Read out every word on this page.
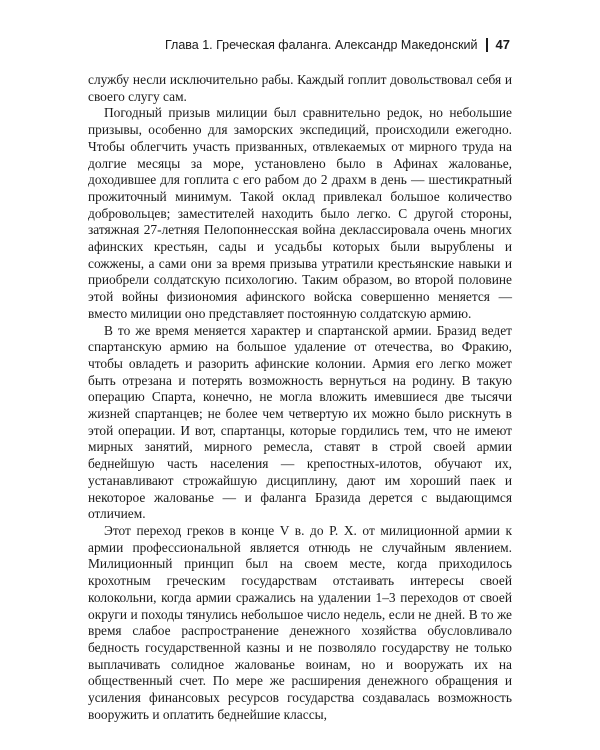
Глава 1. Греческая фаланга. Александр Македонский 47

службу несли исключительно рабы. Каждый гоплит довольствовал себя и своего слугу сам.

Погодный призыв милиции был сравнительно редок, но небольшие призывы, особенно для заморских экспедиций, происходили ежегодно. Чтобы облегчить участь призванных, отвлекаемых от мирного труда на долгие месяцы за море, установлено было в Афинах жалованье, доходившее для гоплита с его рабом до 2 драхм в день — шестикратный прожиточный минимум. Такой оклад привлекал большое количество добровольцев; заместителей находить было легко. С другой стороны, затяжная 27-летняя Пелопоннесская война деклассировала очень многих афинских крестьян, сады и усадьбы которых были вырублены и сожжены, а сами они за время призыва утратили крестьянские навыки и приобрели солдатскую психологию. Таким образом, во второй половине этой войны физиономия афинского войска совершенно меняется — вместо милиции оно представляет постоянную солдатскую армию.

В то же время меняется характер и спартанской армии. Бразид ведет спартанскую армию на большое удаление от отечества, во Фракию, чтобы овладеть и разорить афинские колонии. Армия его легко может быть отрезана и потерять возможность вернуться на родину. В такую операцию Спарта, конечно, не могла вложить имевшиеся две тысячи жизней спартанцев; не более чем четвертую их можно было рискнуть в этой операции. И вот, спартанцы, которые гордились тем, что не имеют мирных занятий, мирного ремесла, ставят в строй своей армии беднейшую часть населения — крепостных-илотов, обучают их, устанавливают строжайшую дисциплину, дают им хороший паек и некоторое жалованье — и фаланга Бразида дерется с выдающимся отличием.

Этот переход греков в конце V в. до Р. Х. от милиционной армии к армии профессиональной является отнюдь не случайным явлением. Милиционный принцип был на своем месте, когда приходилось крохотным греческим государствам отстаивать интересы своей колокольни, когда армии сражались на удалении 1–3 переходов от своей округи и походы тянулись небольшое число недель, если не дней. В то же время слабое распространение денежного хозяйства обусловливало бедность государственной казны и не позволяло государству не только выплачивать солидное жалованье воинам, но и вооружать их на общественный счет. По мере же расширения денежного обращения и усиления финансовых ресурсов государства создавалась возможность вооружить и оплатить беднейшие классы,
